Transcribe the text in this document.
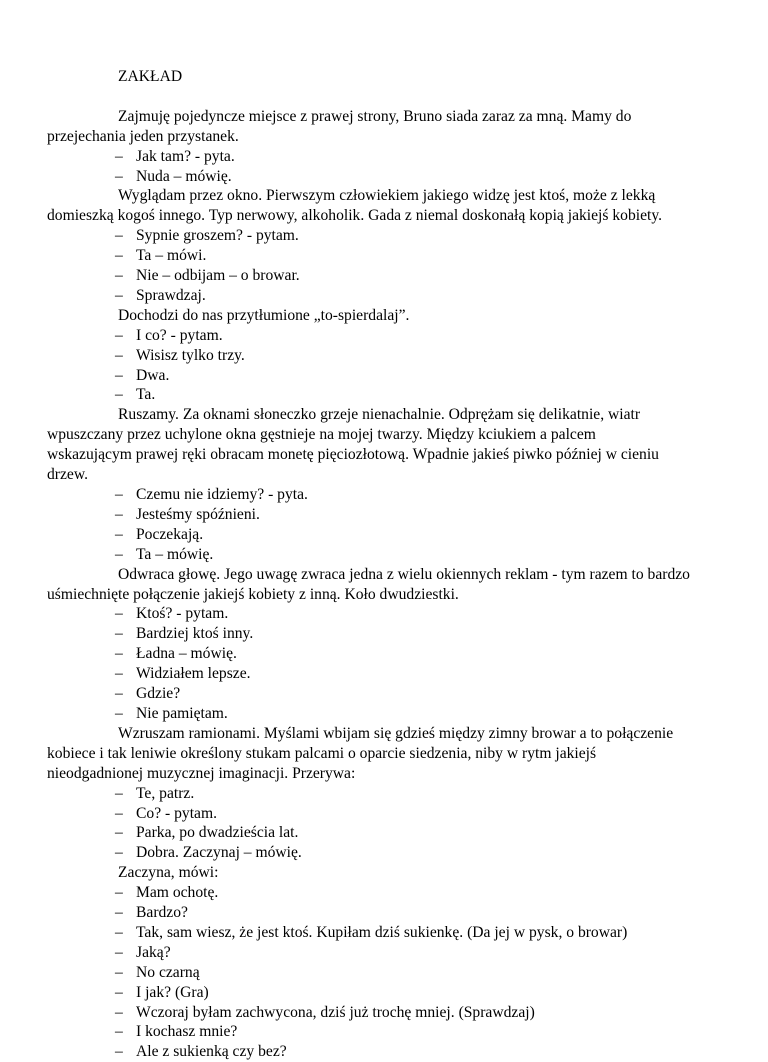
ZAKŁAD
Zajmuję pojedyncze miejsce z prawej strony, Bruno siada zaraz za mną. Mamy do
przejechania jeden przystanek.
– Jak tam? - pyta.
– Nuda – mówię.
Wyglądam przez okno. Pierwszym człowiekiem jakiego widzę jest ktoś, może z lekką
domieszką kogoś innego. Typ nerwowy, alkoholik. Gada z niemal doskonałą kopią jakiejś kobiety.
– Sypnie groszem? - pytam.
– Ta – mówi.
– Nie – odbijam – o browar.
– Sprawdzaj.
Dochodzi do nas przytłumione „to-spierdalaj”.
– I co? - pytam.
– Wisisz tylko trzy.
– Dwa.
– Ta.
Ruszamy. Za oknami słoneczko grzeje nienachalnie. Odprężam się delikatnie, wiatr
wpuszczany przez uchylone okna gęstnieje na mojej twarzy. Między kciukiem a palcem
wskazującym prawej ręki obracam monetę pięciozłotową. Wpadnie jakieś piwko później w cieniu
drzew.
– Czemu nie idziemy? - pyta.
– Jesteśmy spóźnieni.
– Poczekają.
– Ta – mówię.
Odwraca głowę. Jego uwagę zwraca jedna z wielu okiennych reklam - tym razem to bardzo
uśmiechnięte połączenie jakiejś kobiety z inną. Koło dwudziestki.
– Ktoś? - pytam.
– Bardziej ktoś inny.
– Ładna – mówię.
– Widziałem lepsze.
– Gdzie?
– Nie pamiętam.
Wzruszam ramionami. Myślami wbijam się gdzieś między zimny browar a to połączenie
kobiece i tak leniwie określony stukam palcami o oparcie siedzenia, niby w rytm jakiejś
nieodgadnionej muzycznej imaginacji. Przerywa:
– Te, patrz.
– Co? - pytam.
– Parka, po dwadzieścia lat.
– Dobra. Zaczynaj – mówię.
Zaczyna, mówi:
– Mam ochotę.
– Bardzo?
– Tak, sam wiesz, że jest ktoś. Kupiłam dziś sukienkę. (Da jej w pysk, o browar)
– Jaką?
– No czarną
– I jak? (Gra)
– Wczoraj byłam zachwycona, dziś już trochę mniej. (Sprawdzaj)
– I kochasz mnie?
– Ale z sukienką czy bez?
